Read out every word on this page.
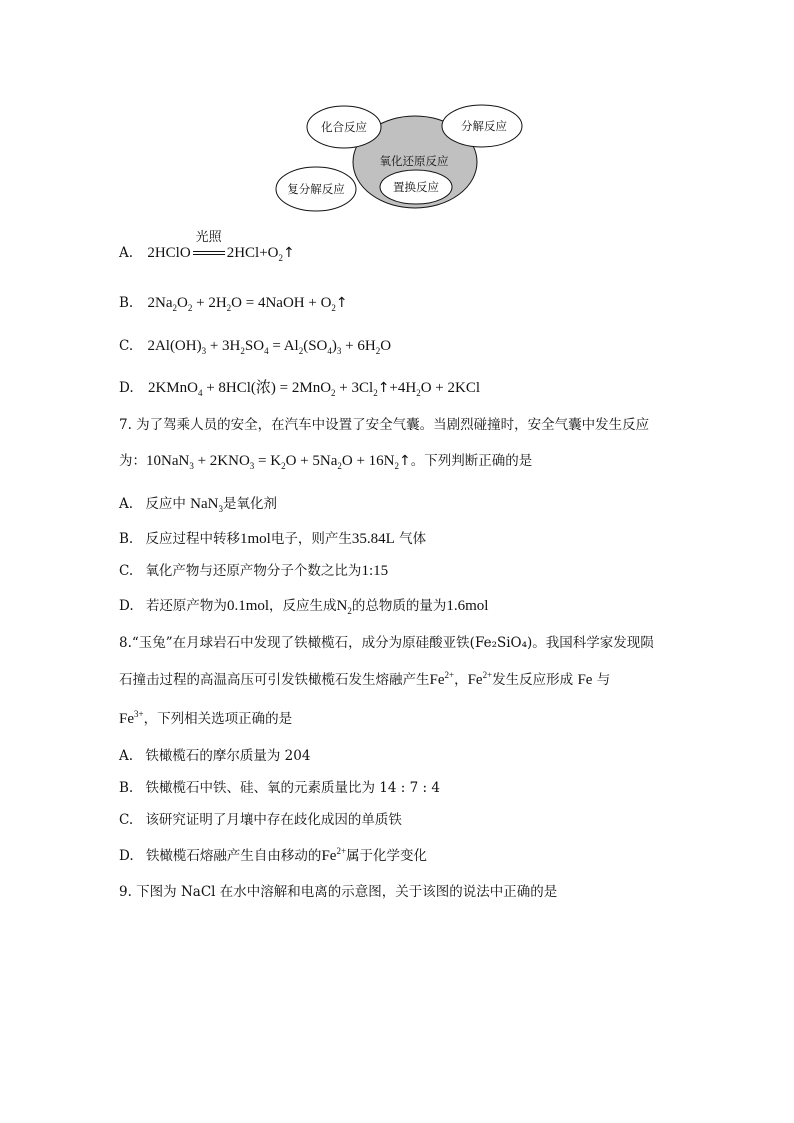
化合反应	分解反应
氧化还原反应
复分解反应	置换反应
A. 2HClO
光照
$2HCl+O_2↑$
B. $2Na_2O_2 + 2H_2O$ = 4NaOH + $O_2↑$
C. $2Al(OH)_3 + 3H_2SO_4 = Al_2(SO_4)_3 + 6H_2O$
D. 2KMnO$_4$ + 8HCl(浓) = $2MnO_2 + 3Cl_2↑+4H_2O + 2KCl$
7. 为了驾乘人员的安全，在汽车中设置了安全气囊。当剧烈碰撞时，安全气囊中发生反应
为：$10NaN_3 + 2KNO_3 = K_2O + 5Na_2O$ + $16N_2↑$。下列判断正确的是
A. 反应中 NaN$_3$是氧化剂
B. 反应过程中转移1mol电子，则产生35.84L 气体
C. 氧化产物与还原产物分子个数之比为1:15
D. 若还原产物为0.1mol，反应生成$N_2$的总物质的量为1.6mol
8.“玉兔”在月球岩石中发现了铁橄榄石，成分为原硅酸亚铁(Fe₂SiO₄)。我国科学家发现陨
石撞击过程的高温高压可引发铁橄榄石发生熔融产生$Fe^{2+}$，$Fe^{2+}$发生反应形成 Fe 与
$Fe^{3+}$，下列相关选项正确的是
A. 铁橄榄石的摩尔质量为 204
B. 铁橄榄石中铁、硅、氧的元素质量比为 14 : 7 : 4
C. 该研究证明了月壤中存在歧化成因的单质铁
D. 铁橄榄石熔融产生自由移动的$Fe^{2+}$属于化学变化
9. 下图为 NaCl 在水中溶解和电离的示意图，关于该图的说法中正确的是
